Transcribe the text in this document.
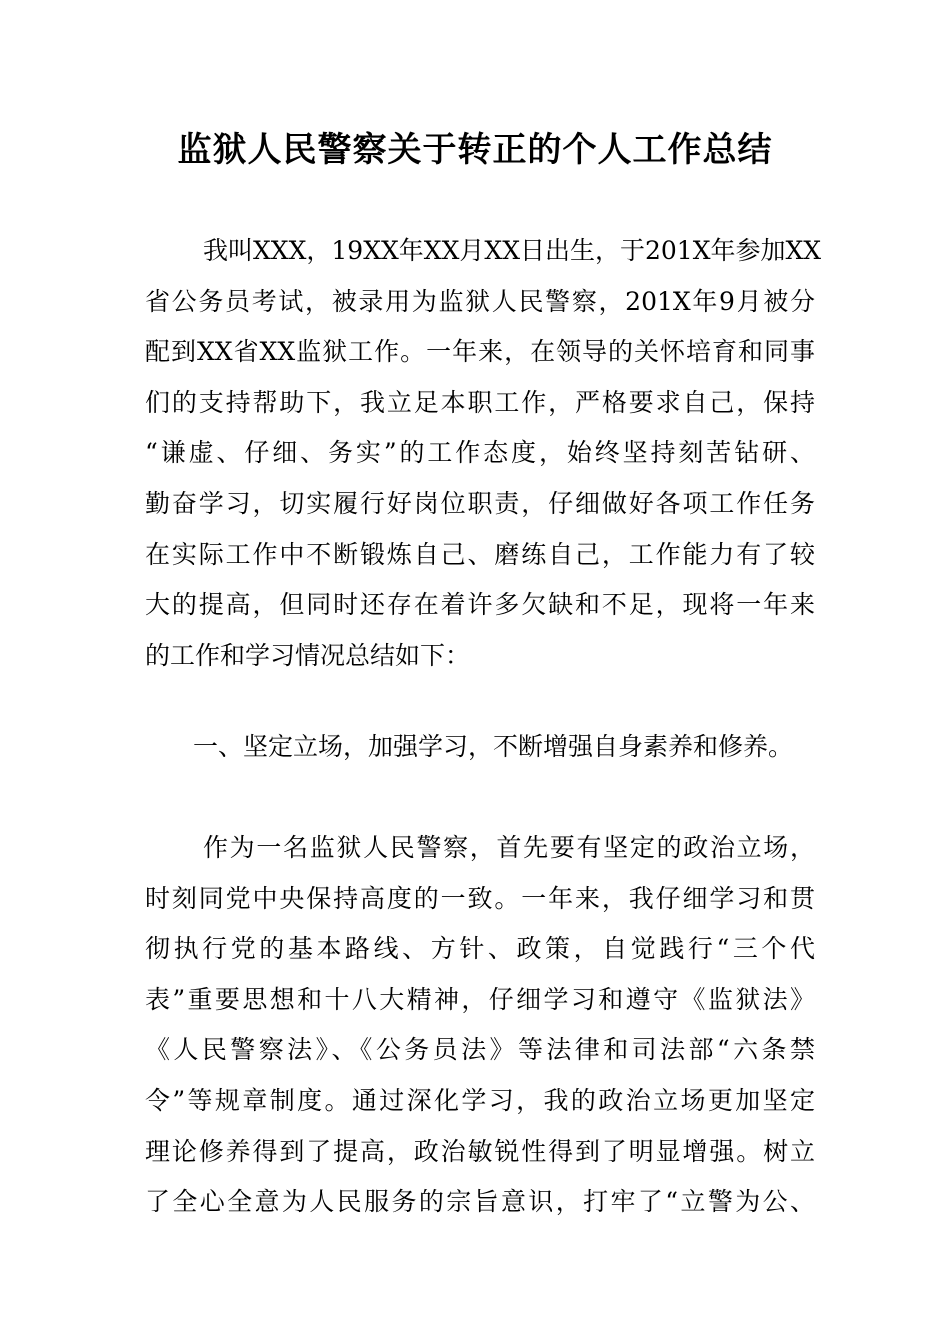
监狱人民警察关于转正的个人工作总结
我叫XXX，19XX年XX月XX日出生，于201X年参加XX
省公务员考试，被录用为监狱人民警察，201X年9月被分
配到XX省XX监狱工作。一年来，在领导的关怀培育和同事
们的支持帮助下，我立足本职工作，严格要求自己，保持
“谦虚、仔细、务实”的工作态度，始终坚持刻苦钻研、
勤奋学习，切实履行好岗位职责，仔细做好各项工作任务
在实际工作中不断锻炼自己、磨练自己，工作能力有了较
大的提高，但同时还存在着许多欠缺和不足，现将一年来
的工作和学习情况总结如下：
一、坚定立场，加强学习，不断增强自身素养和修养。
作为一名监狱人民警察，首先要有坚定的政治立场，
时刻同党中央保持高度的一致。一年来，我仔细学习和贯
彻执行党的基本路线、方针、政策，自觉践行“三个代
表”重要思想和十八大精神，仔细学习和遵守《监狱法》
《人民警察法》、《公务员法》等法律和司法部“六条禁
令”等规章制度。通过深化学习，我的政治立场更加坚定
理论修养得到了提高，政治敏锐性得到了明显增强。树立
了全心全意为人民服务的宗旨意识，打牢了“立警为公、
